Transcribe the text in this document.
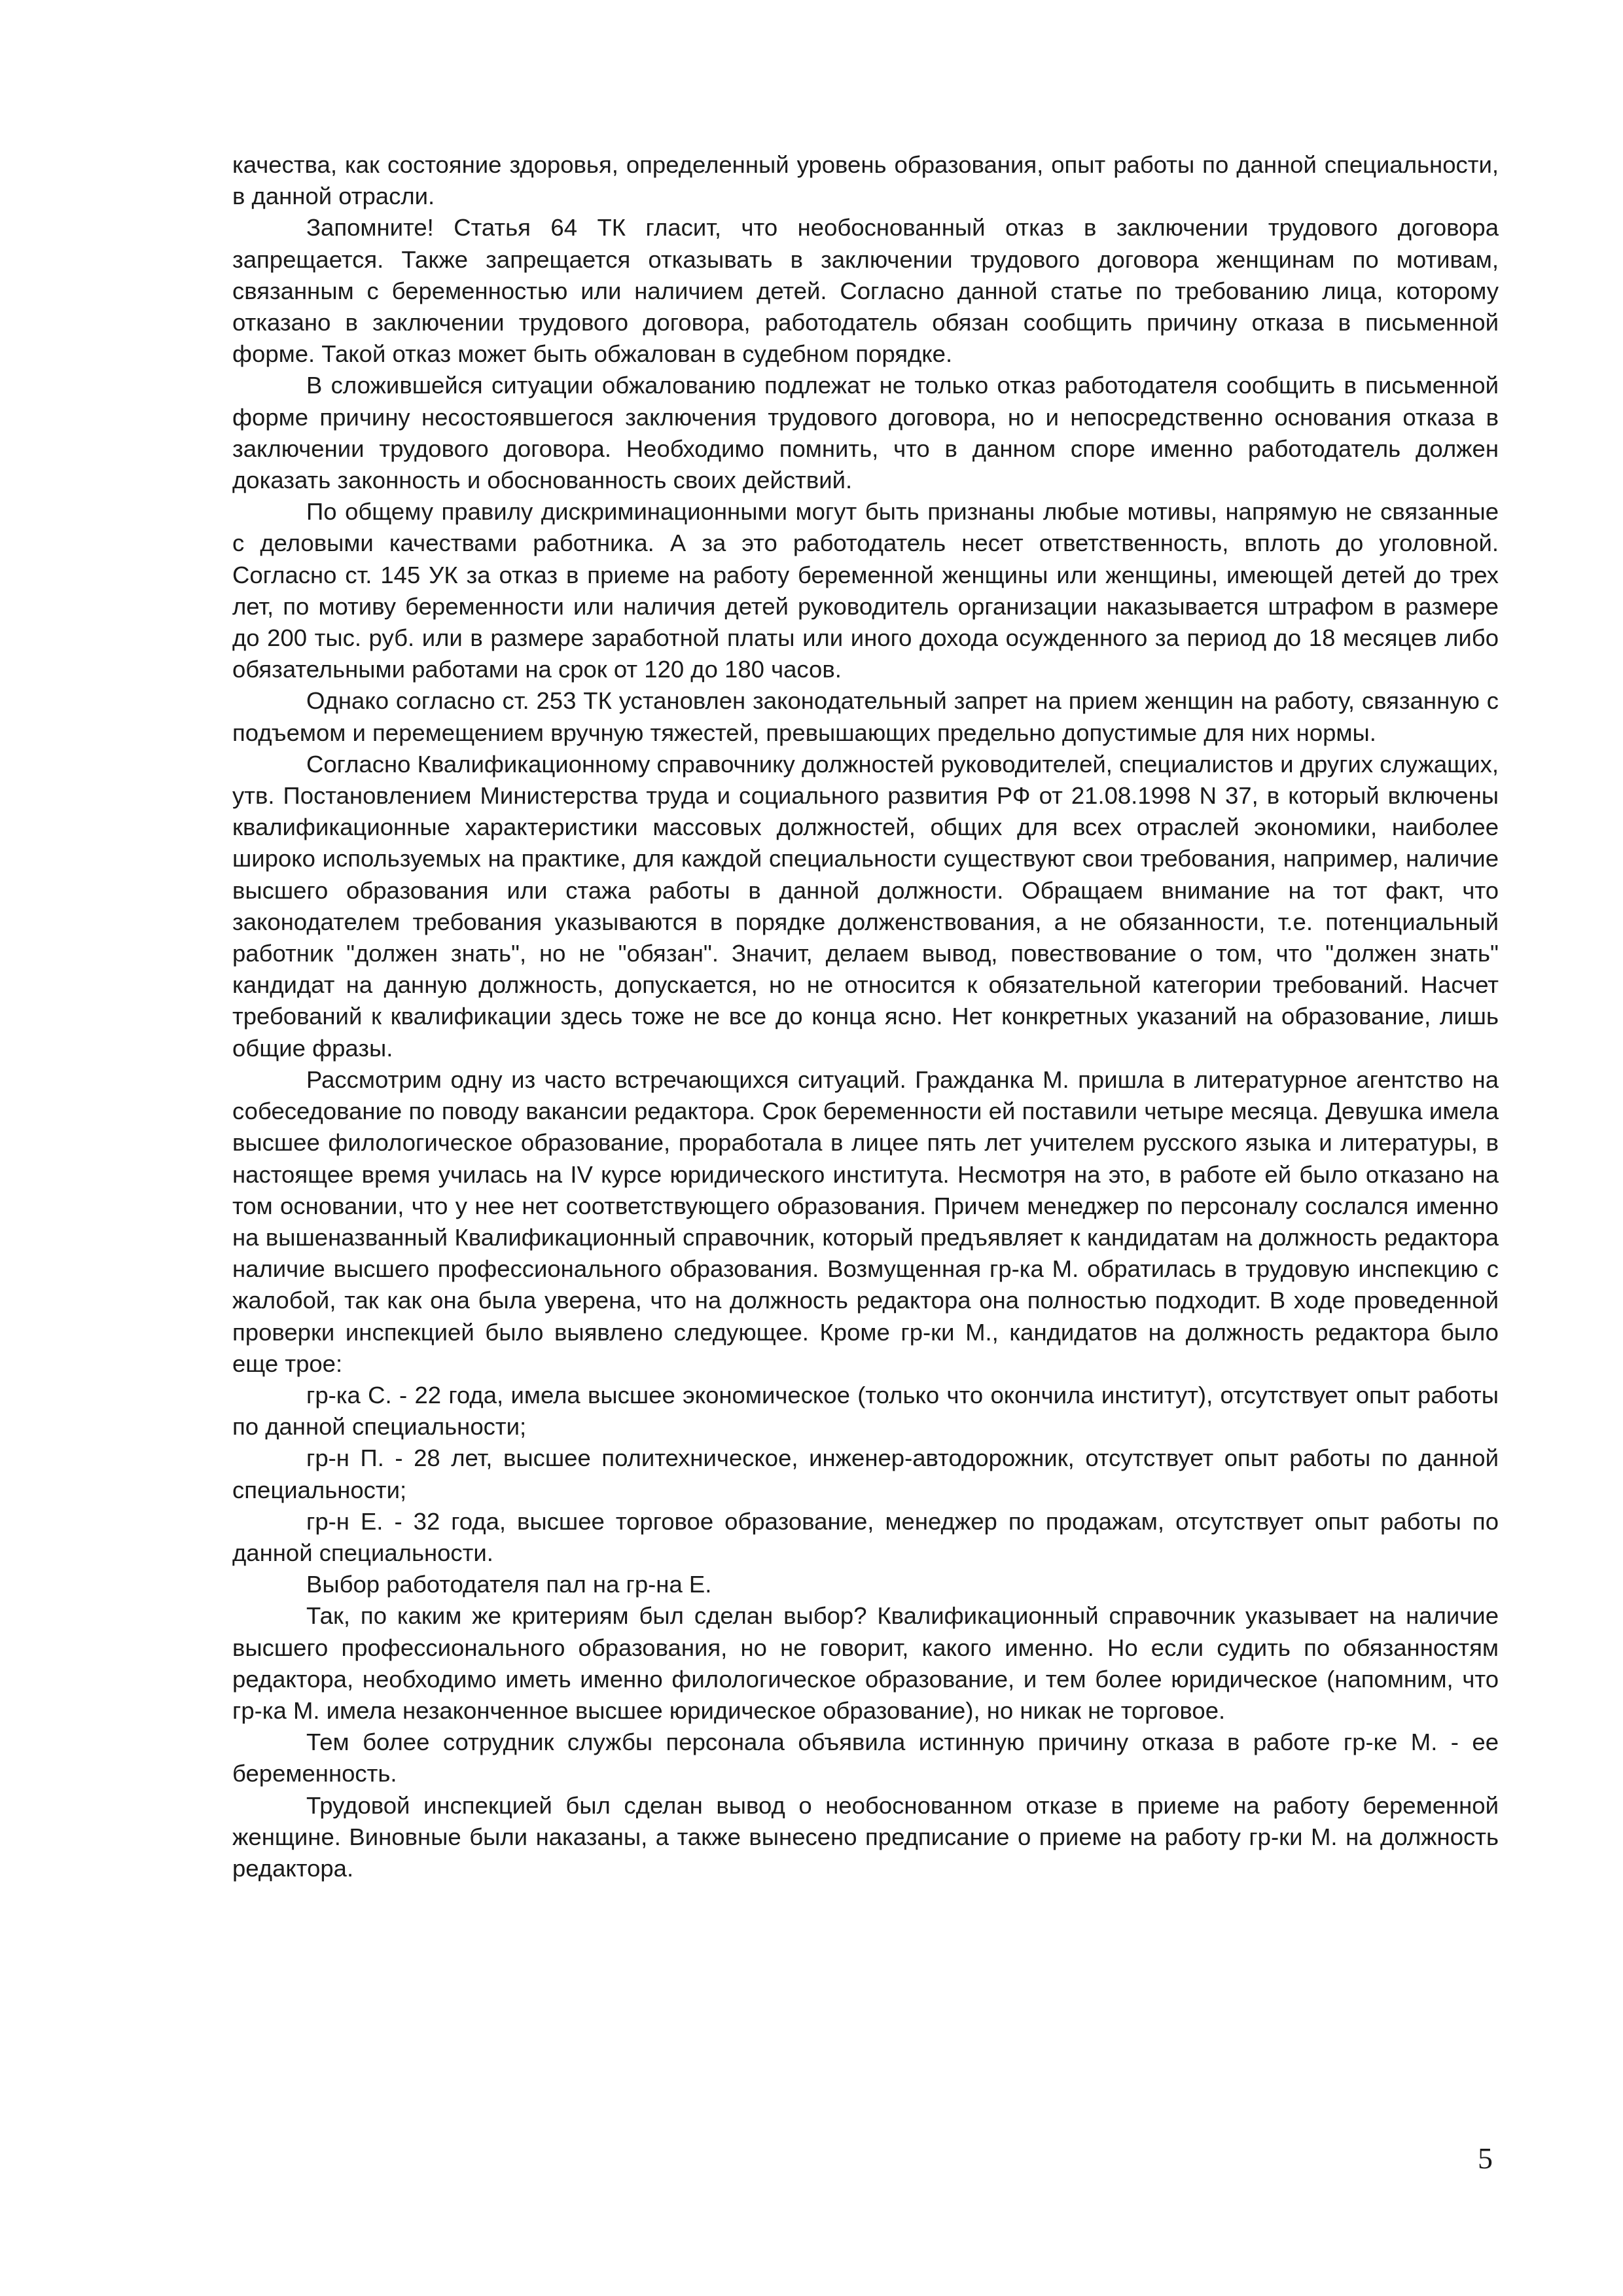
качества, как состояние здоровья, определенный уровень образования, опыт работы по данной специальности, в данной отрасли.

Запомните! Статья 64 ТК гласит, что необоснованный отказ в заключении трудового договора запрещается. Также запрещается отказывать в заключении трудового договора женщинам по мотивам, связанным с беременностью или наличием детей. Согласно данной статье по требованию лица, которому отказано в заключении трудового договора, работодатель обязан сообщить причину отказа в письменной форме. Такой отказ может быть обжалован в судебном порядке.

В сложившейся ситуации обжалованию подлежат не только отказ работодателя сообщить в письменной форме причину несостоявшегося заключения трудового договора, но и непосредственно основания отказа в заключении трудового договора. Необходимо помнить, что в данном споре именно работодатель должен доказать законность и обоснованность своих действий.

По общему правилу дискриминационными могут быть признаны любые мотивы, напрямую не связанные с деловыми качествами работника. А за это работодатель несет ответственность, вплоть до уголовной. Согласно ст. 145 УК за отказ в приеме на работу беременной женщины или женщины, имеющей детей до трех лет, по мотиву беременности или наличия детей руководитель организации наказывается штрафом в размере до 200 тыс. руб. или в размере заработной платы или иного дохода осужденного за период до 18 месяцев либо обязательными работами на срок от 120 до 180 часов.

Однако согласно ст. 253 ТК установлен законодательный запрет на прием женщин на работу, связанную с подъемом и перемещением вручную тяжестей, превышающих предельно допустимые для них нормы.

Согласно Квалификационному справочнику должностей руководителей, специалистов и других служащих, утв. Постановлением Министерства труда и социального развития РФ от 21.08.1998 N 37, в который включены квалификационные характеристики массовых должностей, общих для всех отраслей экономики, наиболее широко используемых на практике, для каждой специальности существуют свои требования, например, наличие высшего образования или стажа работы в данной должности. Обращаем внимание на тот факт, что законодателем требования указываются в порядке долженствования, а не обязанности, т.е. потенциальный работник "должен знать", но не "обязан". Значит, делаем вывод, повествование о том, что "должен знать" кандидат на данную должность, допускается, но не относится к обязательной категории требований. Насчет требований к квалификации здесь тоже не все до конца ясно. Нет конкретных указаний на образование, лишь общие фразы.

Рассмотрим одну из часто встречающихся ситуаций. Гражданка М. пришла в литературное агентство на собеседование по поводу вакансии редактора. Срок беременности ей поставили четыре месяца. Девушка имела высшее филологическое образование, проработала в лицее пять лет учителем русского языка и литературы, в настоящее время училась на IV курсе юридического института. Несмотря на это, в работе ей было отказано на том основании, что у нее нет соответствующего образования. Причем менеджер по персоналу сослался именно на вышеназванный Квалификационный справочник, который предъявляет к кандидатам на должность редактора наличие высшего профессионального образования. Возмущенная гр-ка М. обратилась в трудовую инспекцию с жалобой, так как она была уверена, что на должность редактора она полностью подходит. В ходе проведенной проверки инспекцией было выявлено следующее. Кроме гр-ки М., кандидатов на должность редактора было еще трое:

гр-ка С. - 22 года, имела высшее экономическое (только что окончила институт), отсутствует опыт работы по данной специальности;

гр-н П. - 28 лет, высшее политехническое, инженер-автодорожник, отсутствует опыт работы по данной специальности;

гр-н Е. - 32 года, высшее торговое образование, менеджер по продажам, отсутствует опыт работы по данной специальности.

Выбор работодателя пал на гр-на Е.

Так, по каким же критериям был сделан выбор? Квалификационный справочник указывает на наличие высшего профессионального образования, но не говорит, какого именно. Но если судить по обязанностям редактора, необходимо иметь именно филологическое образование, и тем более юридическое (напомним, что гр-ка М. имела незаконченное высшее юридическое образование), но никак не торговое.

Тем более сотрудник службы персонала объявила истинную причину отказа в работе гр-ке М. - ее беременность.

Трудовой инспекцией был сделан вывод о необоснованном отказе в приеме на работу беременной женщине. Виновные были наказаны, а также вынесено предписание о приеме на работу гр-ки М. на должность редактора.

5
